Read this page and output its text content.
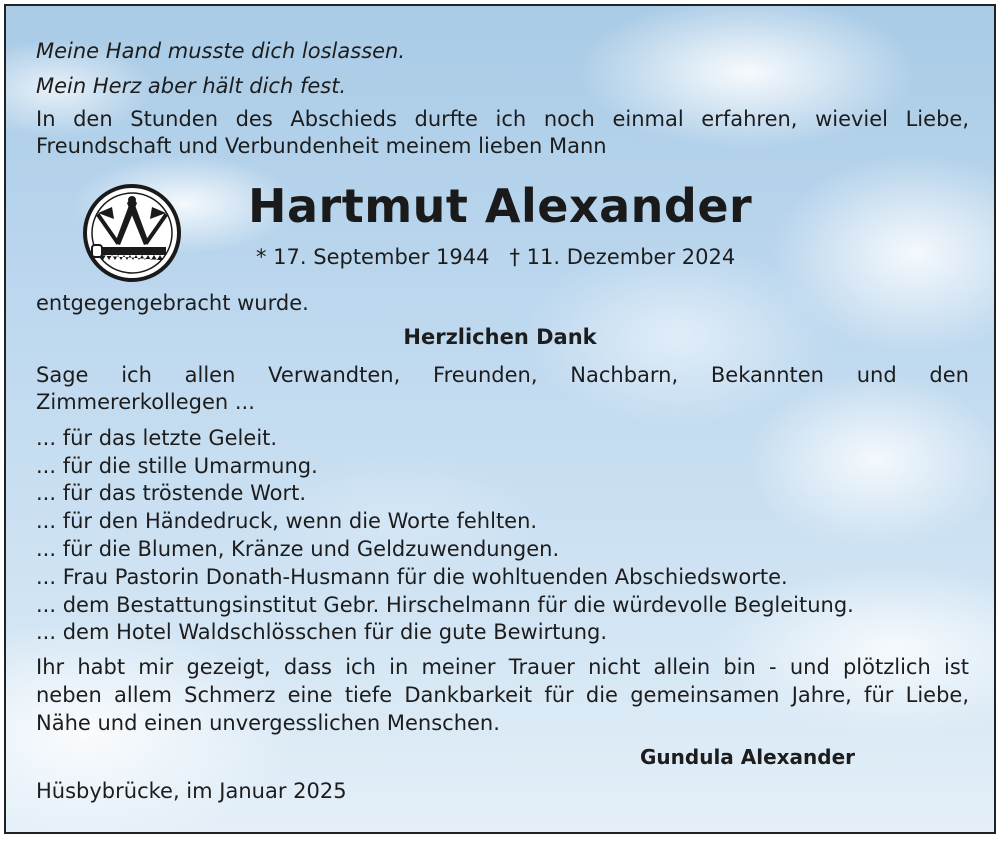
Meine Hand musste dich loslassen.
Mein Herz aber hält dich fest.
In den Stunden des Abschieds durfte ich noch einmal erfahren, wieviel Liebe,
Freundschaft und Verbundenheit meinem lieben Mann
Hartmut Alexander
* 17. September 1944 † 11. Dezember 2024
entgegengebracht wurde.
Herzlichen Dank
Sage ich allen Verwandten, Freunden, Nachbarn, Bekannten und den
Zimmererkollegen ...
... für das letzte Geleit.
... für die stille Umarmung.
... für das tröstende Wort.
... für den Händedruck, wenn die Worte fehlten.
... für die Blumen, Kränze und Geldzuwendungen.
... Frau Pastorin Donath-Husmann für die wohltuenden Abschiedsworte.
... dem Bestattungsinstitut Gebr. Hirschelmann für die würdevolle Begleitung.
... dem Hotel Waldschlösschen für die gute Bewirtung.
Ihr habt mir gezeigt, dass ich in meiner Trauer nicht allein bin - und plötzlich ist
neben allem Schmerz eine tiefe Dankbarkeit für die gemeinsamen Jahre, für Liebe,
Nähe und einen unvergesslichen Menschen.
Gundula Alexander
Hüsbybrücke, im Januar 2025
